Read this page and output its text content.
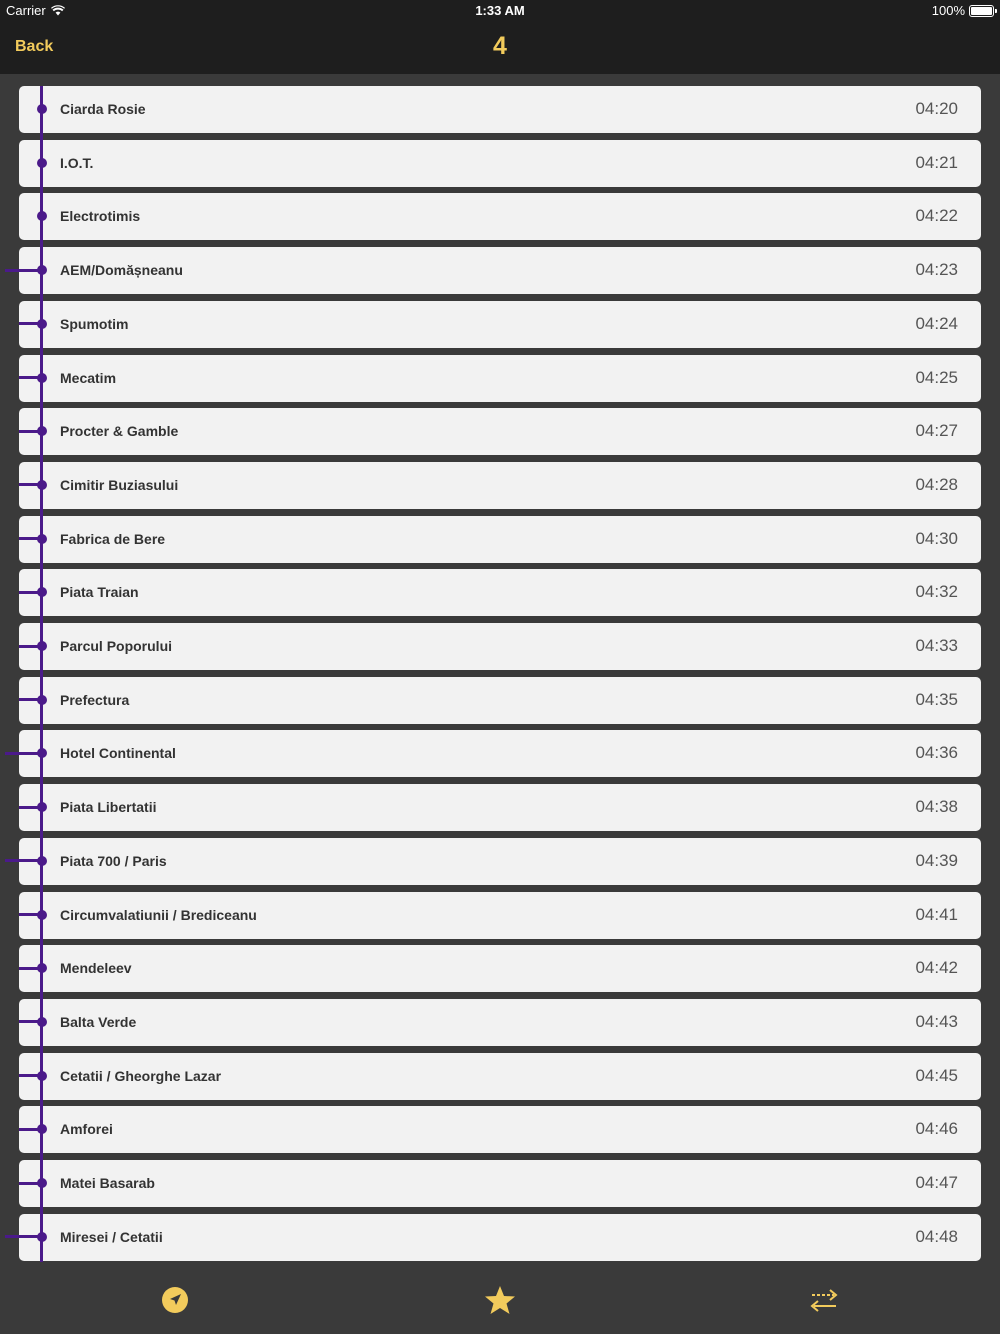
Carrier	1:33 AM	100%
Back	4
Ciarda Rosie	04:20
I.O.T.	04:21
Electrotimis	04:22
AEM/Domășneanu	04:23
Spumotim	04:24
Mecatim	04:25
Procter & Gamble	04:27
Cimitir Buziasului	04:28
Fabrica de Bere	04:30
Piata Traian	04:32
Parcul Poporului	04:33
Prefectura	04:35
Hotel Continental	04:36
Piata Libertatii	04:38
Piata 700 / Paris	04:39
Circumvalatiunii / Brediceanu	04:41
Mendeleev	04:42
Balta Verde	04:43
Cetatii / Gheorghe Lazar	04:45
Amforei	04:46
Matei Basarab	04:47
Miresei / Cetatii	04:48
